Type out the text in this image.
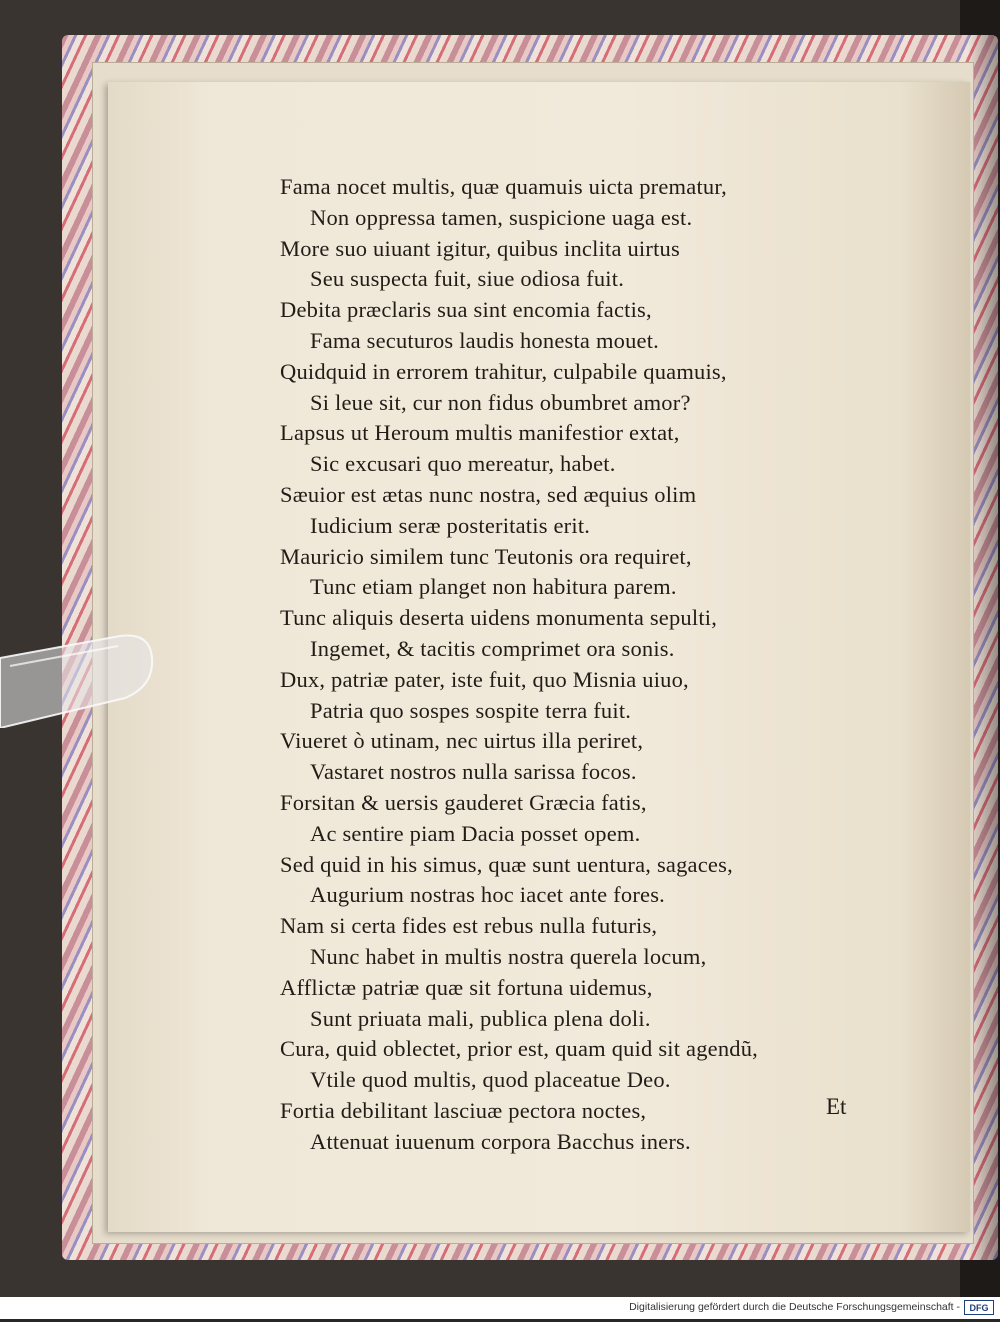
Fama nocet multis, quæ quamuis uicta prematur,
Non oppressa tamen, suspicione uaga est.
More suo uiuant igitur, quibus inclita uirtus
Seu suspecta fuit, siue odiosa fuit.
Debita præclaris sua sint encomia factis,
Fama secuturos laudis honesta mouet.
Quidquid in errorem trahitur, culpabile quamuis,
Si leue sit, cur non fidus obumbret amor?
Lapsus ut Heroum multis manifestior extat,
Sic excusari quo mereatur, habet.
Sæuior est ætas nunc nostra, sed æquius olim
Iudicium seræ posteritatis erit.
Mauricio similem tunc Teutonis ora requiret,
Tunc etiam planget non habitura parem.
Tunc aliquis deserta uidens monumenta sepulti,
Ingemet, & tacitis comprimet ora sonis.
Dux, patriæ pater, iste fuit, quo Misnia uiuo,
Patria quo sospes sospite terra fuit.
Viueret ò utinam, nec uirtus illa periret,
Vastaret nostros nulla sarissa focos.
Forsitan & uersis gauderet Græcia fatis,
Ac sentire piam Dacia posset opem.
Sed quid in his simus, quæ sunt uentura, sagaces,
Augurium nostras hoc iacet ante fores.
Nam si certa fides est rebus nulla futuris,
Nunc habet in multis nostra querela locum,
Afflictæ patriæ quæ sit fortuna uidemus,
Sunt priuata mali, publica plena doli.
Cura, quid oblectet, prior est, quam quid sit agendũ,
Vtile quod multis, quod placeatue Deo.
Fortia debilitant lasciuæ pectora noctes,
Attenuat iuuenum corpora Bacchus iners.
Et
Digitalisierung gefördert durch die Deutsche Forschungsgemeinschaft -	DFG
